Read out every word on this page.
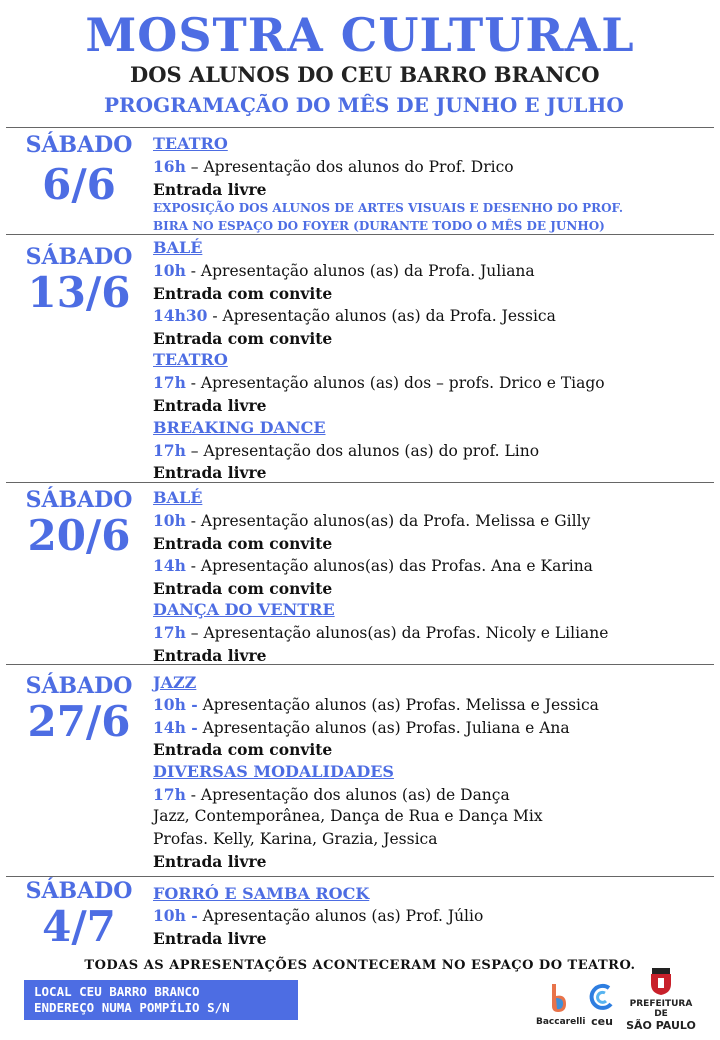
MOSTRA CULTURAL
DOS ALUNOS DO CEU BARRO BRANCO
PROGRAMAÇÃO DO MÊS DE JUNHO E JULHO
SÁBADO
6/6
TEATRO
16h – Apresentação dos alunos do Prof. Drico
Entrada livre
EXPOSIÇÃO DOS ALUNOS DE ARTES VISUAIS E DESENHO DO PROF.
BIRA NO ESPAÇO DO FOYER (DURANTE TODO O MÊS DE JUNHO)
SÁBADO
13/6
BALÉ
10h - Apresentação alunos (as) da Profa. Juliana
Entrada com convite
14h30 - Apresentação alunos (as) da Profa. Jessica
Entrada com convite
TEATRO
17h - Apresentação alunos (as) dos – profs. Drico e Tiago
Entrada livre
BREAKING DANCE
17h – Apresentação dos alunos (as) do prof. Lino
Entrada livre
SÁBADO
20/6
BALÉ
10h - Apresentação alunos(as) da Profa. Melissa e Gilly
Entrada com convite
14h - Apresentação alunos(as) das Profas. Ana e Karina
Entrada com convite
DANÇA DO VENTRE
17h – Apresentação alunos(as) da Profas. Nicoly e Liliane
Entrada livre
SÁBADO
27/6
JAZZ
10h - Apresentação alunos (as) Profas. Melissa e Jessica
14h - Apresentação alunos (as) Profas. Juliana e Ana
Entrada com convite
DIVERSAS MODALIDADES
17h - Apresentação dos alunos (as) de Dança
Jazz, Contemporânea, Dança de Rua e Dança Mix
Profas. Kelly, Karina, Grazia, Jessica
Entrada livre
SÁBADO
4/7
FORRÓ E SAMBA ROCK
10h - Apresentação alunos (as) Prof. Júlio
Entrada livre
TODAS AS APRESENTAÇÕES ACONTECERAM NO ESPAÇO DO TEATRO.
LOCAL CEU BARRO BRANCO
ENDEREÇO NUMA POMPÍLIO S/N
Baccarelli ceu
PREFEITURA DE
SÃO PAULO
